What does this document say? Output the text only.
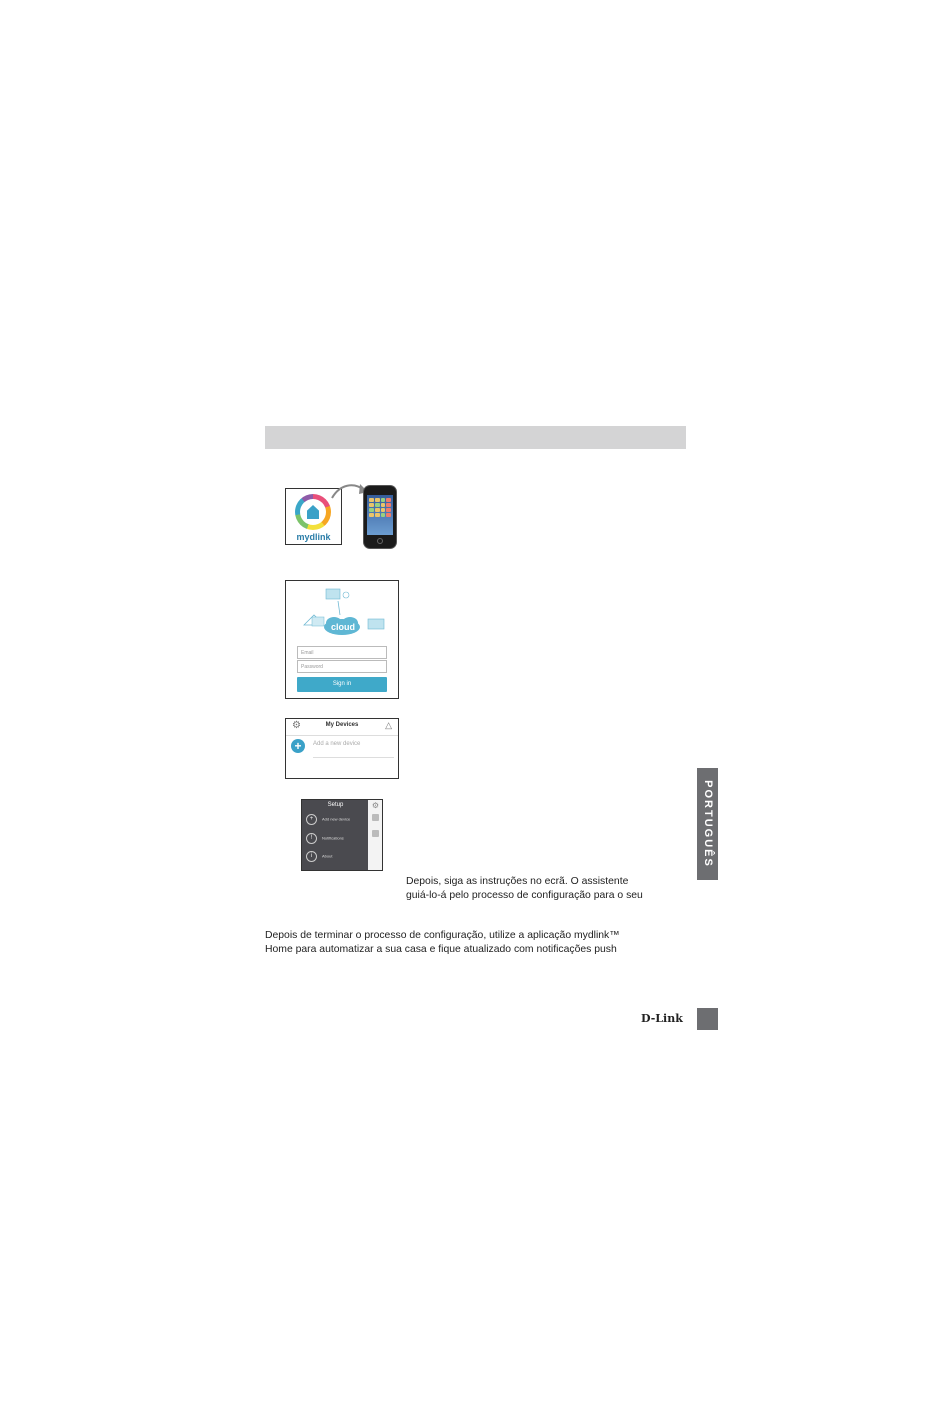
mydlink
cloud
Email
Password
Sign in
⚙	My Devices	△
+	Add a new device
Setup	⚙
+ Add new device
! Notifications
i About
Depois, siga as instruções no ecrã. O assistente
guiá-lo-á pelo processo de configuração para o seu
Depois de terminar o processo de configuração, utilize a aplicação mydlink™
Home para automatizar a sua casa e fique atualizado com notificações push
PORTUGUÊS
D-Link
